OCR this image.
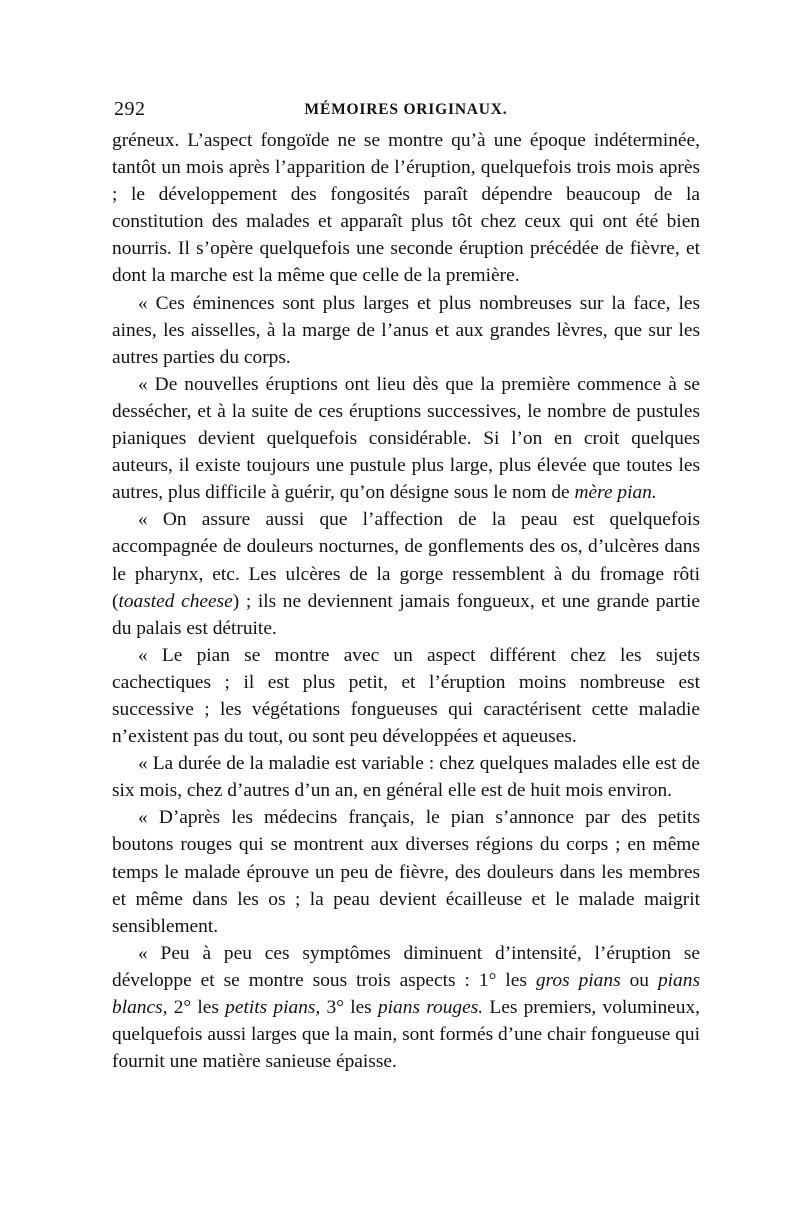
292	MÉMOIRES ORIGINAUX.

gréneux. L’aspect fongoïde ne se montre qu’à une époque indéterminée, tantôt un mois après l’apparition de l’éruption, quelquefois trois mois après ; le développement des fongosités paraît dépendre beaucoup de la constitution des malades et apparaît plus tôt chez ceux qui ont été bien nourris. Il s’opère quelquefois une seconde éruption précédée de fièvre, et dont la marche est la même que celle de la première.

« Ces éminences sont plus larges et plus nombreuses sur la face, les aines, les aisselles, à la marge de l’anus et aux grandes lèvres, que sur les autres parties du corps.

« De nouvelles éruptions ont lieu dès que la première commence à se dessécher, et à la suite de ces éruptions successives, le nombre de pustules pianiques devient quelquefois considérable. Si l’on en croit quelques auteurs, il existe toujours une pustule plus large, plus élevée que toutes les autres, plus difficile à guérir, qu’on désigne sous le nom de mère pian.

« On assure aussi que l’affection de la peau est quelquefois accompagnée de douleurs nocturnes, de gonflements des os, d’ulcères dans le pharynx, etc. Les ulcères de la gorge ressemblent à du fromage rôti (toasted cheese) ; ils ne deviennent jamais fongueux, et une grande partie du palais est détruite.

« Le pian se montre avec un aspect différent chez les sujets cachectiques ; il est plus petit, et l’éruption moins nombreuse est successive ; les végétations fongueuses qui caractérisent cette maladie n’existent pas du tout, ou sont peu développées et aqueuses.

« La durée de la maladie est variable : chez quelques malades elle est de six mois, chez d’autres d’un an, en général elle est de huit mois environ.

« D’après les médecins français, le pian s’annonce par des petits boutons rouges qui se montrent aux diverses régions du corps ; en même temps le malade éprouve un peu de fièvre, des douleurs dans les membres et même dans les os ; la peau devient écailleuse et le malade maigrit sensiblement.

« Peu à peu ces symptômes diminuent d’intensité, l’éruption se développe et se montre sous trois aspects : 1° les gros pians ou pians blancs, 2° les petits pians, 3° les pians rouges. Les premiers, volumineux, quelquefois aussi larges que la main, sont formés d’une chair fongueuse qui fournit une matière sanieuse épaisse.
